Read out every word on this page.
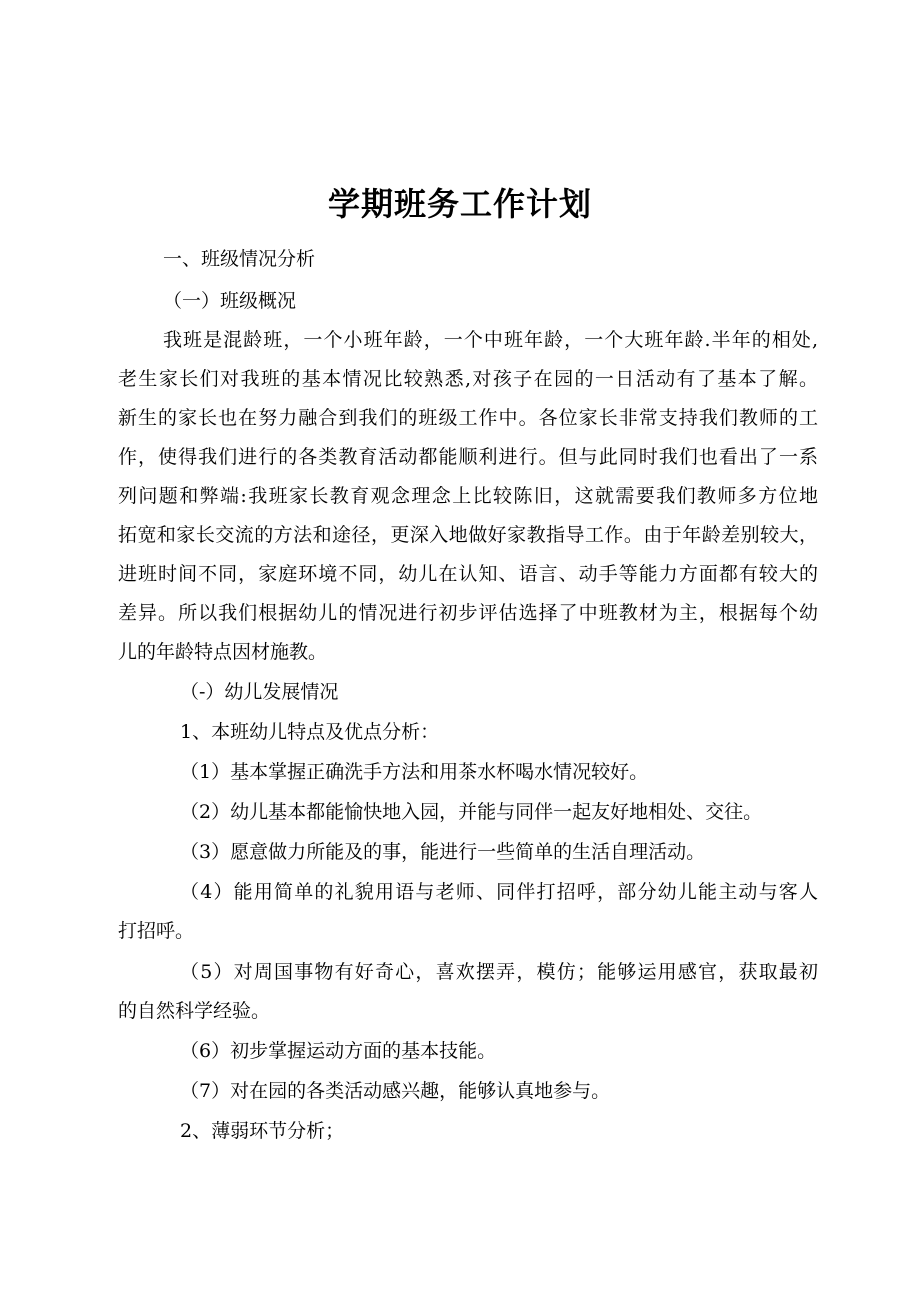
学期班务工作计划

一、班级情况分析

（一）班级概况

我班是混龄班，一个小班年龄，一个中班年龄，一个大班年龄.半年的相处,

老生家长们对我班的基本情况比较熟悉,对孩子在园的一日活动有了基本了解。

新生的家长也在努力融合到我们的班级工作中。各位家长非常支持我们教师的工

作，使得我们进行的各类教育活动都能顺利进行。但与此同时我们也看出了一系

列问题和弊端:我班家长教育观念理念上比较陈旧，这就需要我们教师多方位地

拓宽和家长交流的方法和途径，更深入地做好家教指导工作。由于年龄差别较大，

进班时间不同，家庭环境不同，幼儿在认知、语言、动手等能力方面都有较大的

差异。所以我们根据幼儿的情况进行初步评估选择了中班教材为主，根据每个幼

儿的年龄特点因材施教。

（-）幼儿发展情况

1、本班幼儿特点及优点分析：

（1）基本掌握正确洗手方法和用茶水杯喝水情况较好。

（2）幼儿基本都能愉快地入园，并能与同伴一起友好地相处、交往。

（3）愿意做力所能及的事，能进行一些简单的生活自理活动。

（4）能用简单的礼貌用语与老师、同伴打招呼，部分幼儿能主动与客人

打招呼。

（5）对周国事物有好奇心，喜欢摆弄，模仿；能够运用感官，获取最初

的自然科学经验。

（6）初步掌握运动方面的基本技能。

（7）对在园的各类活动感兴趣，能够认真地参与。

2、薄弱环节分析；
